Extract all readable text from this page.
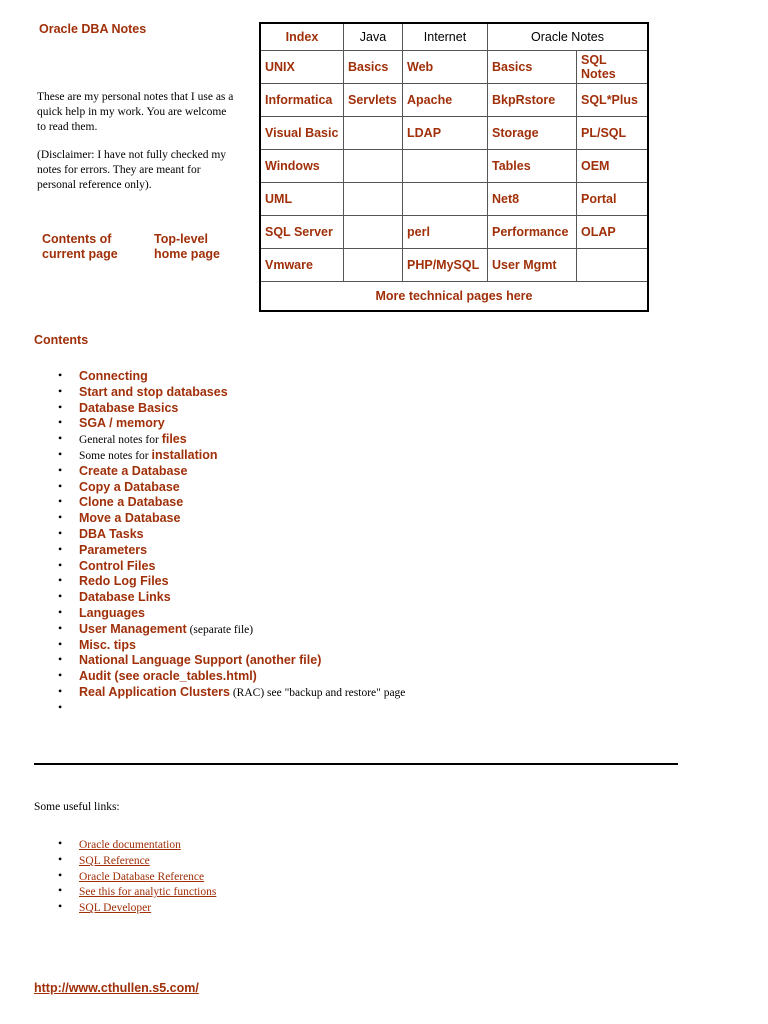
Oracle DBA Notes

These are my personal notes that I use as a quick help in my work. You are welcome to read them.

(Disclaimer: I have not fully checked my notes for errors. They are meant for personal reference only).

Contents of current page
Top-level home page
Index	Java	Internet	Oracle Notes	
UNIX	Basics	Web	Basics	SQL Notes
Informatica	Servlets	Apache	BkpRstore	SQL*Plus
Visual Basic		LDAP	Storage	PL/SQL
Windows			Tables	OEM
UML			Net8	Portal
SQL Server		perl	Performance	OLAP
Vmware		PHP/MySQL	User Mgmt	
More technical pages here				
Contents
• Connecting
• Start and stop databases
• Database Basics
• SGA / memory
• General notes for files
• Some notes for installation
• Create a Database
• Copy a Database
• Clone a Database
• Move a Database
• DBA Tasks
• Parameters
• Control Files
• Redo Log Files
• Database Links
• Languages
• User Management (separate file)
• Misc. tips
• National Language Support (another file)
• Audit (see oracle_tables.html)
• Real Application Clusters (RAC) see "backup and restore" page
•
Some useful links:
• Oracle documentation
• SQL Reference
• Oracle Database Reference
• See this for analytic functions
• SQL Developer
http://www.cthullen.s5.com/
